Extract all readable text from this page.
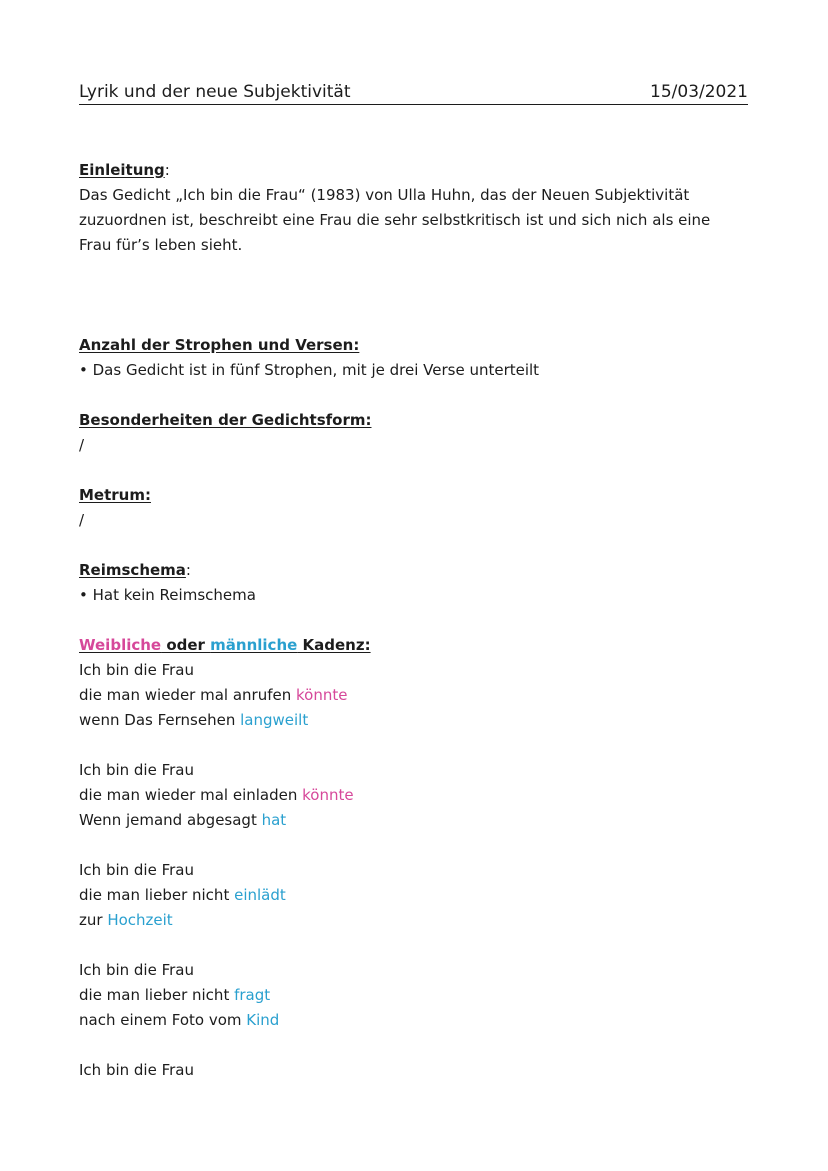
Lyrik und der neue Subjektivität	15/03/2021
Einleitung:
Das Gedicht „Ich bin die Frau“ (1983) von Ulla Huhn, das der Neuen Subjektivität
zuzuordnen ist, beschreibt eine Frau die sehr selbstkritisch ist und sich nich als eine
Frau für’s leben sieht.
Anzahl der Strophen und Versen:
• Das Gedicht ist in fünf Strophen, mit je drei Verse unterteilt
Besonderheiten der Gedichtsform:
/
Metrum:
/
Reimschema:
• Hat kein Reimschema
Weibliche oder männliche Kadenz:
Ich bin die Frau
die man wieder mal anrufen könnte
wenn Das Fernsehen langweilt
Ich bin die Frau
die man wieder mal einladen könnte
Wenn jemand abgesagt hat
Ich bin die Frau
die man lieber nicht einlädt
zur Hochzeit
Ich bin die Frau
die man lieber nicht fragt
nach einem Foto vom Kind
Ich bin die Frau
